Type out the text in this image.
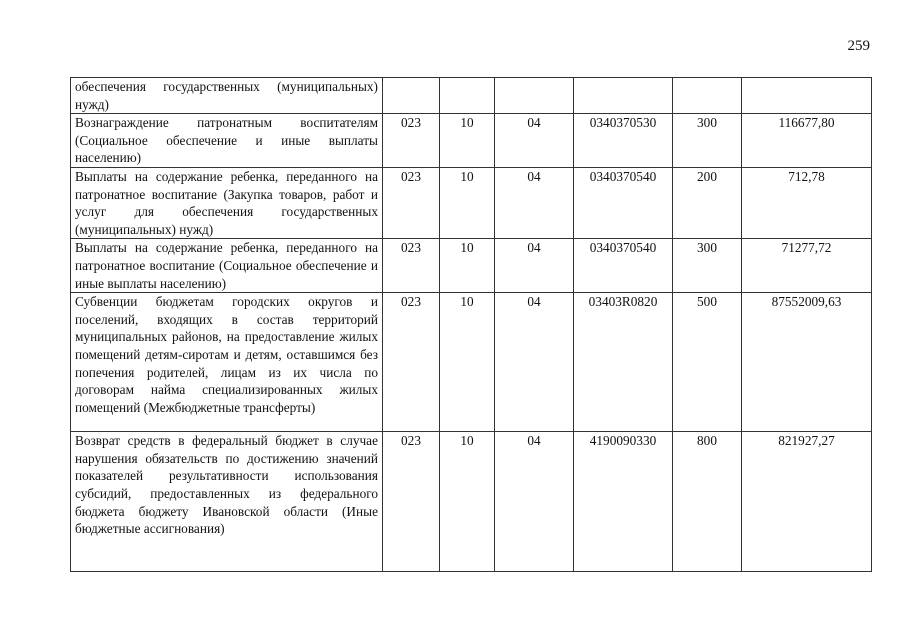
259
обеспечения государственных (муниципальных) нужд)						
Вознаграждение патронатным воспитателям (Социальное обеспечение и иные выплаты населению)	023	10	04	0340370530	300	116677,80
Выплаты на содержание ребенка, переданного на патронатное воспитание (Закупка товаров, работ и услуг для обеспечения государственных (муниципальных) нужд)	023	10	04	0340370540	200	712,78
Выплаты на содержание ребенка, переданного на патронатное воспитание (Социальное обеспечение и иные выплаты населению)	023	10	04	0340370540	300	71277,72
Субвенции бюджетам городских округов и поселений, входящих в состав территорий муниципальных районов, на предоставление жилых помещений детям-сиротам и детям, оставшимся без попечения родителей, лицам из их числа по договорам найма специализированных жилых помещений (Межбюджетные трансферты)	023	10	04	03403R0820	500	87552009,63
Возврат средств в федеральный бюджет в случае нарушения обязательств по достижению значений показателей результативности использования субсидий, предоставленных из федерального бюджета бюджету Ивановской области (Иные бюджетные ассигнования)	023	10	04	4190090330	800	821927,27
